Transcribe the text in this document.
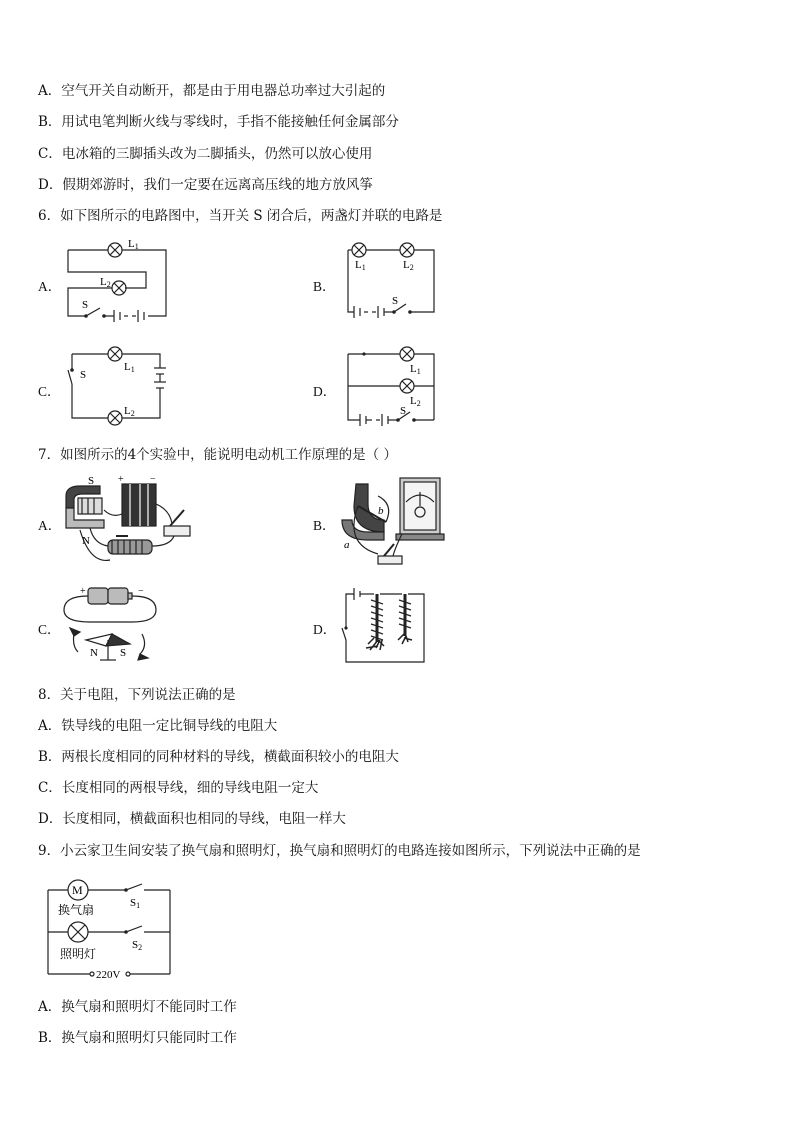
A．空气开关自动断开，都是由于用电器总功率过大引起的
B．用试电笔判断火线与零线时，手指不能接触任何金属部分
C．电冰箱的三脚插头改为二脚插头，仍然可以放心使用
D．假期郊游时，我们一定要在远离高压线的地方放风筝
6．如下图所示的电路图中，当开关 S 闭合后，两盏灯并联的电路是
A．	B．
C．	D．
L1
L2
S
L1	L2
S
S
L1
L2
L1
L2
S
7．如图所示的4个实验中，能说明电动机工作原理的是（ ）
A．	B．
C．	D．
S
N
+	−
b
a
+	−
N S
8．关于电阻，下列说法正确的是
A．铁导线的电阻一定比铜导线的电阻大
B．两根长度相同的同种材料的导线，横截面积较小的电阻大
C．长度相同的两根导线，细的导线电阻一定大
D．长度相同，横截面积也相同的导线，电阻一样大
9．小云家卫生间安装了换气扇和照明灯，换气扇和照明灯的电路连接如图所示，下列说法中正确的是
M
换气扇
照明灯
S1
S2
220V
A．换气扇和照明灯不能同时工作
B．换气扇和照明灯只能同时工作
